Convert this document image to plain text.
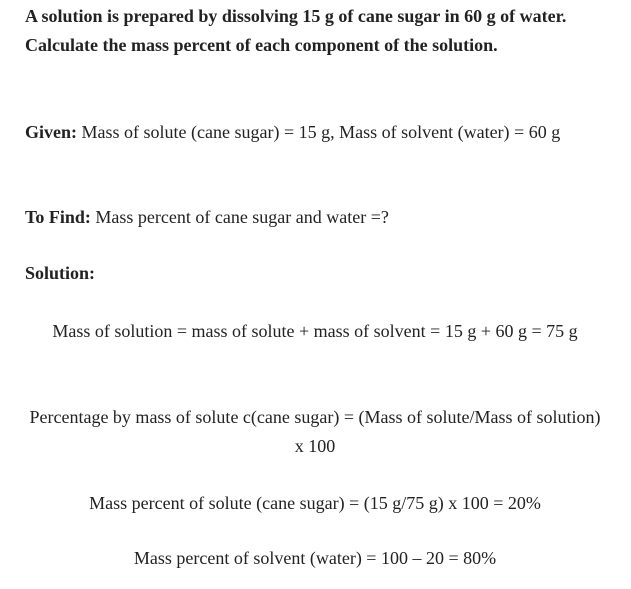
A solution is prepared by dissolving 15 g of cane sugar in 60 g of water. Calculate the mass percent of each component of the solution.

Given: Mass of solute (cane sugar) = 15 g, Mass of solvent (water) = 60 g

To Find: Mass percent of cane sugar and water =?

Solution:

Mass of solution = mass of solute + mass of solvent = 15 g + 60 g = 75 g

Percentage by mass of solute c(cane sugar) = (Mass of solute/Mass of solution) x 100

Mass percent of solute (cane sugar) = (15 g/75 g) x 100 = 20%

Mass percent of solvent (water) = 100 – 20 = 80%
